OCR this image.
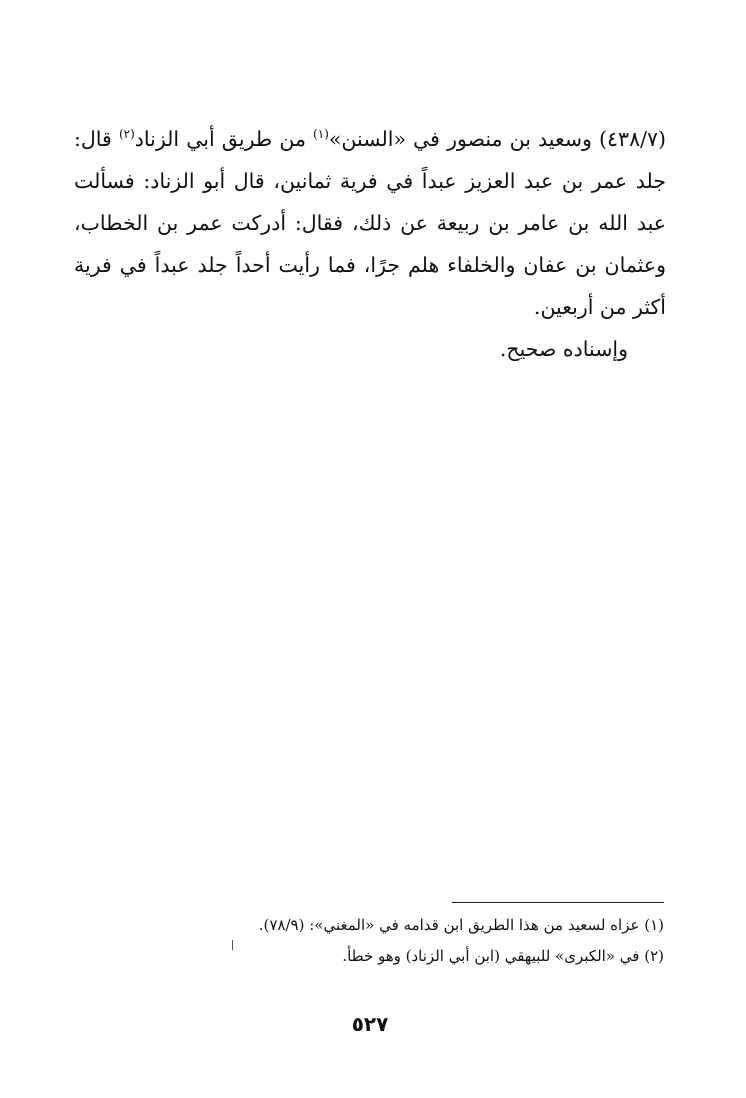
(٤٣٨/٧) وسعيد بن منصور في «السنن»$^{(١)}$ من طريق أبي الزناد$^{(٢)}$ قال: جلد عمر بن عبد العزيز عبداً في فرية ثمانين، قال أبو الزناد: فسألت عبد الله بن عامر بن ربيعة عن ذلك، فقال: أدركت عمر بن الخطاب، وعثمان بن عفان والخلفاء هلم جرًا، فما رأيت أحداً جلد عبداً في فرية أكثر من أربعين.

وإسناده صحيح.

(١) عزاه لسعيد من هذا الطريق ابن قدامه في «المغني»: (٧٨/٩).

(٢) في «الكبرى» للبيهقي (ابن أبي الزناد) وهو خطأ.

٥٢٧
